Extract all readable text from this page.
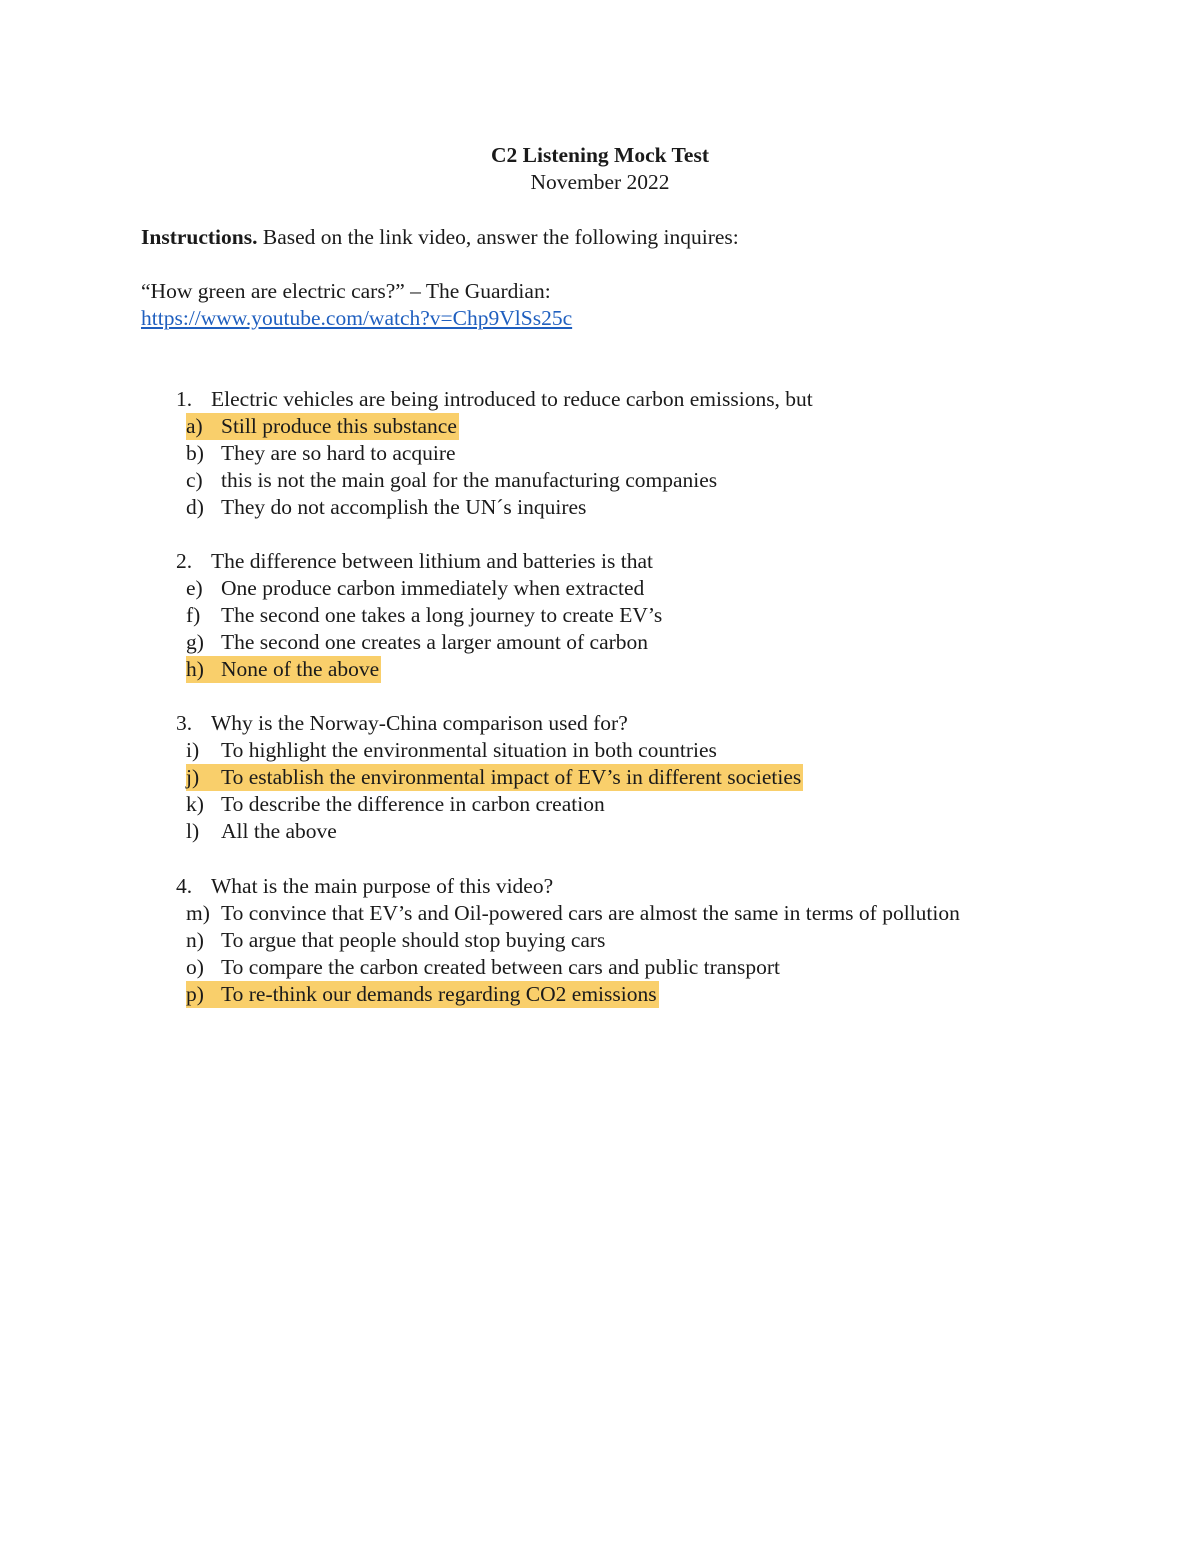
C2 Listening Mock Test
November 2022
Instructions. Based on the link video, answer the following inquires:
“How green are electric cars?” – The Guardian:
https://www.youtube.com/watch?v=Chp9VlSs25c
1. Electric vehicles are being introduced to reduce carbon emissions, but
a) Still produce this substance
b) They are so hard to acquire
c) this is not the main goal for the manufacturing companies
d) They do not accomplish the UN´s inquires
2. The difference between lithium and batteries is that
e) One produce carbon immediately when extracted
f) The second one takes a long journey to create EV’s
g) The second one creates a larger amount of carbon
h) None of the above
3. Why is the Norway-China comparison used for?
i) To highlight the environmental situation in both countries
j) To establish the environmental impact of EV’s in different societies
k) To describe the difference in carbon creation
l) All the above
4. What is the main purpose of this video?
m) To convince that EV’s and Oil-powered cars are almost the same in terms of pollution
n) To argue that people should stop buying cars
o) To compare the carbon created between cars and public transport
p) To re-think our demands regarding CO2 emissions
